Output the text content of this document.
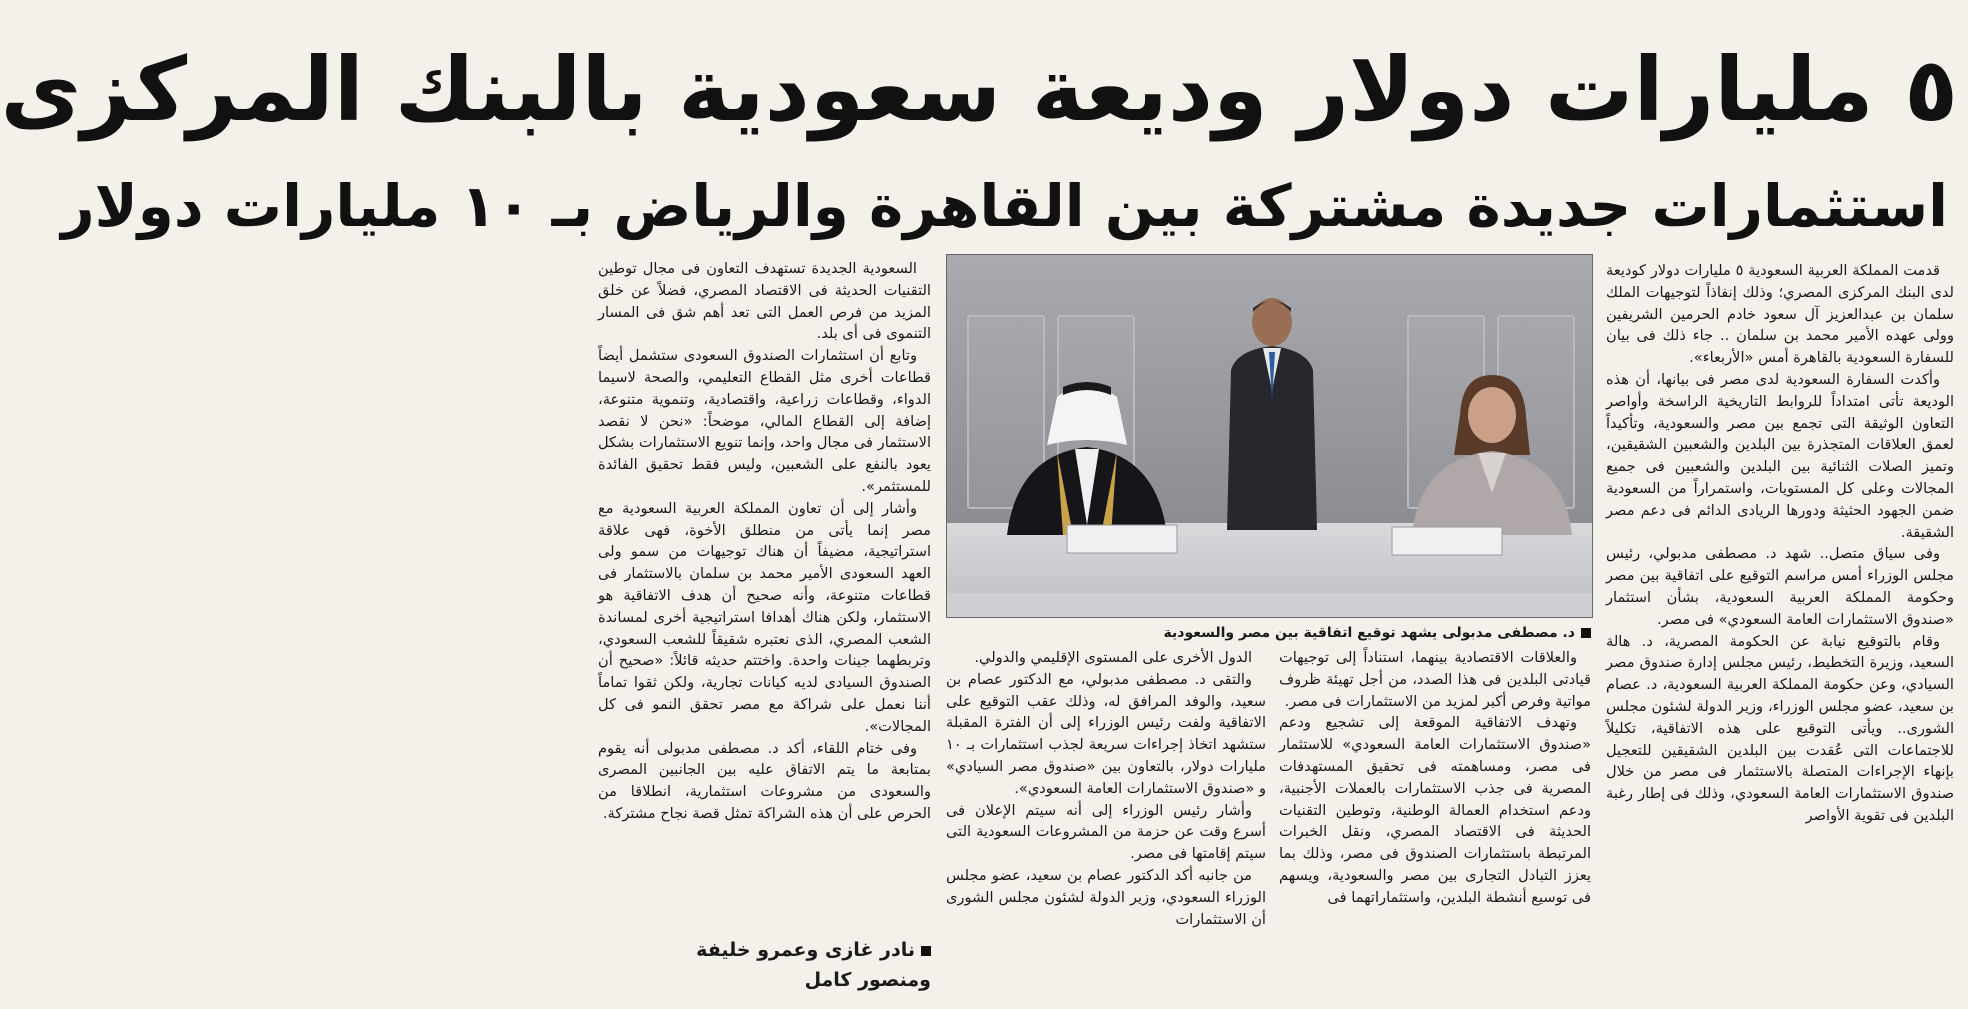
٥ مليارات دولار وديعة سعودية بالبنك المركزى
استثمارات جديدة مشتركة بين القاهرة والرياض بـ ١٠ مليارات دولار

قدمت المملكة العربية السعودية ٥ مليارات دولار كوديعة لدى البنك المركزى المصري؛ وذلك إنفاذاً لتوجيهات الملك سلمان بن عبدالعزيز آل سعود خادم الحرمين الشريفين وولى عهده الأمير محمد بن سلمان .. جاء ذلك فى بيان للسفارة السعودية بالقاهرة أمس «الأربعاء».

وأكدت السفارة السعودية لدى مصر فى بيانها، أن هذه الوديعة تأتى امتداداً للروابط التاريخية الراسخة وأواصر التعاون الوثيقة التى تجمع بين مصر والسعودية، وتأكيداً لعمق العلاقات المتجذرة بين البلدين والشعبين الشقيقين، وتميز الصلات الثنائية بين البلدين والشعبين فى جميع المجالات وعلى كل المستويات، واستمراراً من السعودية ضمن الجهود الحثيثة ودورها الريادى الدائم فى دعم مصر الشقيقة.

وفى سياق متصل.. شهد د. مصطفى مدبولي، رئيس مجلس الوزراء أمس مراسم التوقيع على اتفاقية بين مصر وحكومة المملكة العربية السعودية، بشأن استثمار «صندوق الاستثمارات العامة السعودي» فى مصر.

وقام بالتوقيع نيابة عن الحكومة المصرية، د. هالة السعيد، وزيرة التخطيط، رئيس مجلس إدارة صندوق مصر السيادي، وعن حكومة المملكة العربية السعودية، د. عصام بن سعيد، عضو مجلس الوزراء، وزير الدولة لشئون مجلس الشورى.. ويأتى التوقيع على هذه الاتفاقية، تكليلاً للاجتماعات التى عُقدت بين البلدين الشقيقين للتعجيل بإنهاء الإجراءات المتصلة بالاستثمار فى مصر من خلال صندوق الاستثمارات العامة السعودي، وذلك فى إطار رغبة البلدين فى تقوية الأواصر

د. مصطفى مدبولى يشهد توقيع اتفاقية بين مصر والسعودية

والعلاقات الاقتصادية بينهما، استناداً إلى توجيهات قيادتى البلدين فى هذا الصدد، من أجل تهيئة ظروف مواتية وفرص أكبر لمزيد من الاستثمارات فى مصر.

وتهدف الاتفاقية الموقعة إلى تشجيع ودعم «صندوق الاستثمارات العامة السعودي» للاستثمار فى مصر، ومساهمته فى تحقيق المستهدفات المصرية فى جذب الاستثمارات بالعملات الأجنبية، ودعم استخدام العمالة الوطنية، وتوطين التقنيات الحديثة فى الاقتصاد المصري، ونقل الخبرات المرتبطة باستثمارات الصندوق فى مصر، وذلك بما يعزز التبادل التجارى بين مصر والسعودية، ويسهم فى توسيع أنشطة البلدين، واستثماراتهما فى

الدول الأخرى على المستوى الإقليمي والدولي.

والتقى د. مصطفى مدبولي، مع الدكتور عصام بن سعيد، والوفد المرافق له، وذلك عقب التوقيع على الاتفاقية ولفت رئيس الوزراء إلى أن الفترة المقبلة ستشهد اتخاذ إجراءات سريعة لجذب استثمارات بـ ١٠ مليارات دولار، بالتعاون بين «صندوق مصر السيادي» و «صندوق الاستثمارات العامة السعودي».

وأشار رئيس الوزراء إلى أنه سيتم الإعلان فى أسرع وقت عن حزمة من المشروعات السعودية التى سيتم إقامتها فى مصر.

من جانبه أكد الدكتور عصام بن سعيد، عضو مجلس الوزراء السعودي، وزير الدولة لشئون مجلس الشورى أن الاستثمارات

السعودية الجديدة تستهدف التعاون فى مجال توطين التقنيات الحديثة فى الاقتصاد المصري، فضلاً عن خلق المزيد من فرص العمل التى تعد أهم شق فى المسار التنموى فى أى بلد.

وتابع أن استثمارات الصندوق السعودى ستشمل أيضاً قطاعات أخرى مثل القطاع التعليمي، والصحة لاسيما الدواء، وقطاعات زراعية، واقتصادية، وتنموية متنوعة، إضافة إلى القطاع المالي، موضحاً: «نحن لا نقصد الاستثمار فى مجال واحد، وإنما تنويع الاستثمارات بشكل يعود بالنفع على الشعبين، وليس فقط تحقيق الفائدة للمستثمر».

وأشار إلى أن تعاون المملكة العربية السعودية مع مصر إنما يأتى من منطلق الأخوة، فهى علاقة استراتيجية، مضيفاً أن هناك توجيهات من سمو ولى العهد السعودى الأمير محمد بن سلمان بالاستثمار فى قطاعات متنوعة، وأنه صحيح أن هدف الاتفاقية هو الاستثمار، ولكن هناك أهدافا استراتيجية أخرى لمساندة الشعب المصري، الذى نعتبره شقيقاً للشعب السعودي، وتربطهما جينات واحدة. واختتم حديثه قائلاً: «صحيح أن الصندوق السيادى لديه كيانات تجارية، ولكن ثقوا تماماً أننا نعمل على شراكة مع مصر تحقق النمو فى كل المجالات».

وفى ختام اللقاء، أكد د. مصطفى مدبولى أنه يقوم بمتابعة ما يتم الاتفاق عليه بين الجانبين المصرى والسعودى من مشروعات استثمارية، انطلاقا من الحرص على أن هذه الشراكة تمثل قصة نجاح مشتركة.

نادر غازى وعمرو خليفة
ومنصور كامل
